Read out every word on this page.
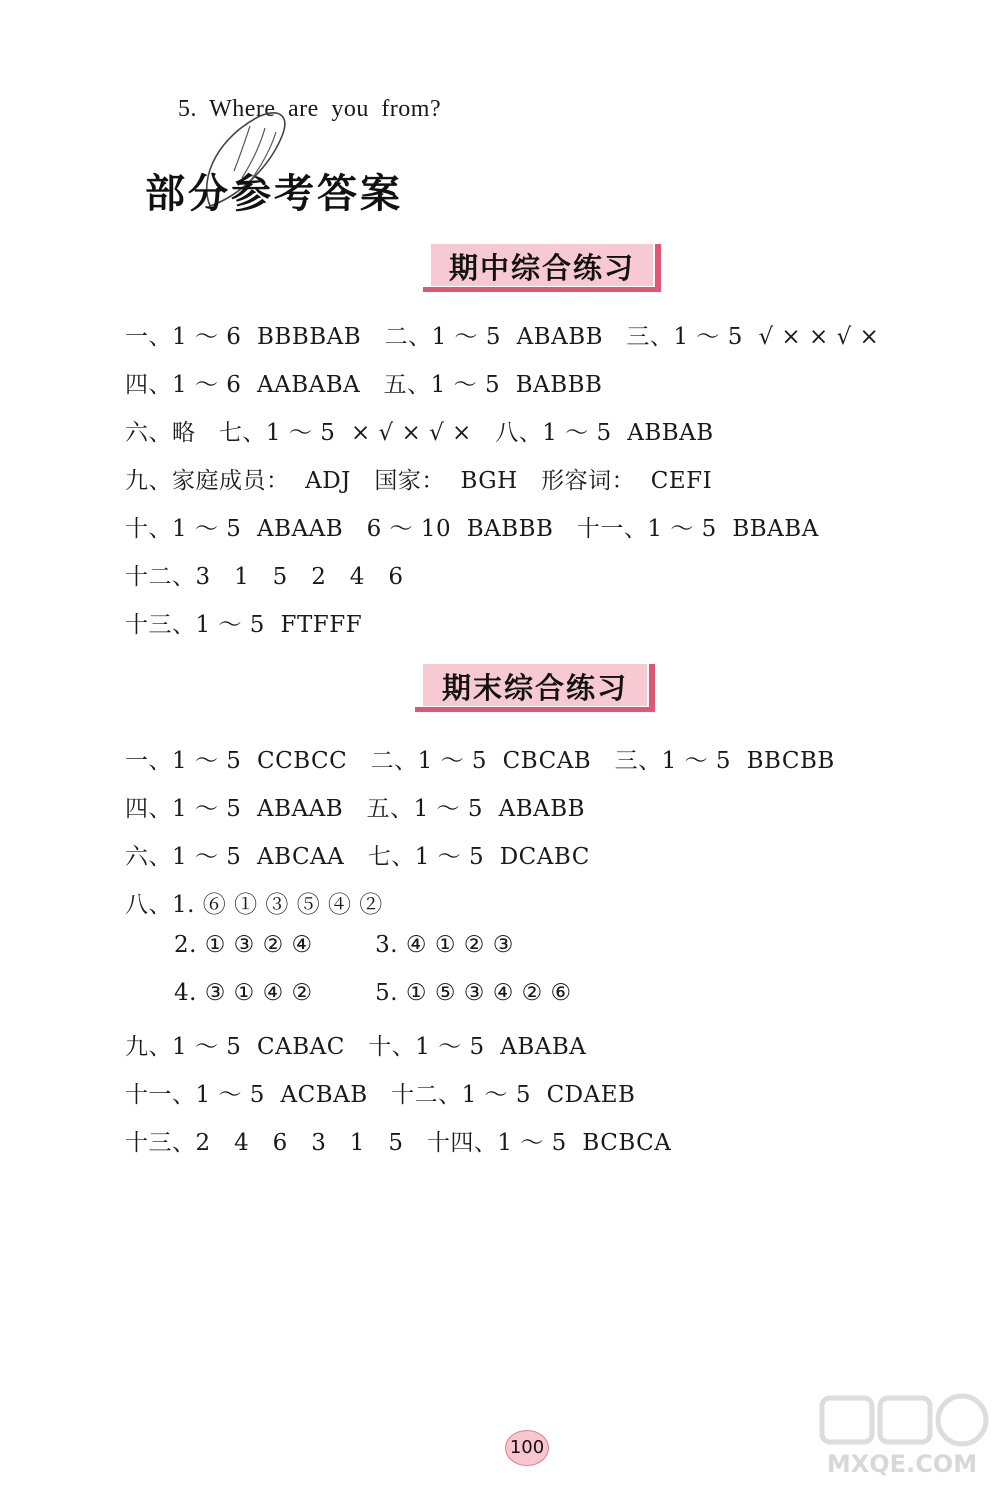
5. Where are you from?
部分参考答案
期中综合练习
一、1 ～ 6  BBBBAB   二、1 ～ 5  ABABB   三、1 ～ 5  √ × × √ ×
四、1 ～ 6  AABABA   五、1 ～ 5  BABBB
六、略   七、1 ～ 5  × √ × √ ×   八、1 ～ 5  ABBAB
九、家庭成员：  ADJ   国家：  BGH   形容词：  CEFI
十、1 ～ 5  ABAAB   6 ～ 10  BABBB   十一、1 ～ 5  BBABA
十二、3   1   5   2   4   6
十三、1 ～ 5  FTFFF
期末综合练习
一、1 ～ 5  CCBCC   二、1 ～ 5  CBCAB   三、1 ～ 5  BBCBB
四、1 ～ 5  ABAAB   五、1 ～ 5  ABABB
六、1 ～ 5  ABCAA   七、1 ～ 5  DCABC
八、1. ⑥ ① ③ ⑤ ④ ②
2. ① ③ ② ④        3. ④ ① ② ③
4. ③ ① ④ ②        5. ① ⑤ ③ ④ ② ⑥
九、1 ～ 5  CABAC   十、1 ～ 5  ABABA
十一、1 ～ 5  ACBAB   十二、1 ～ 5  CDAEB
十三、2   4   6   3   1   5   十四、1 ～ 5  BCBCA
100
MXQE.COM
